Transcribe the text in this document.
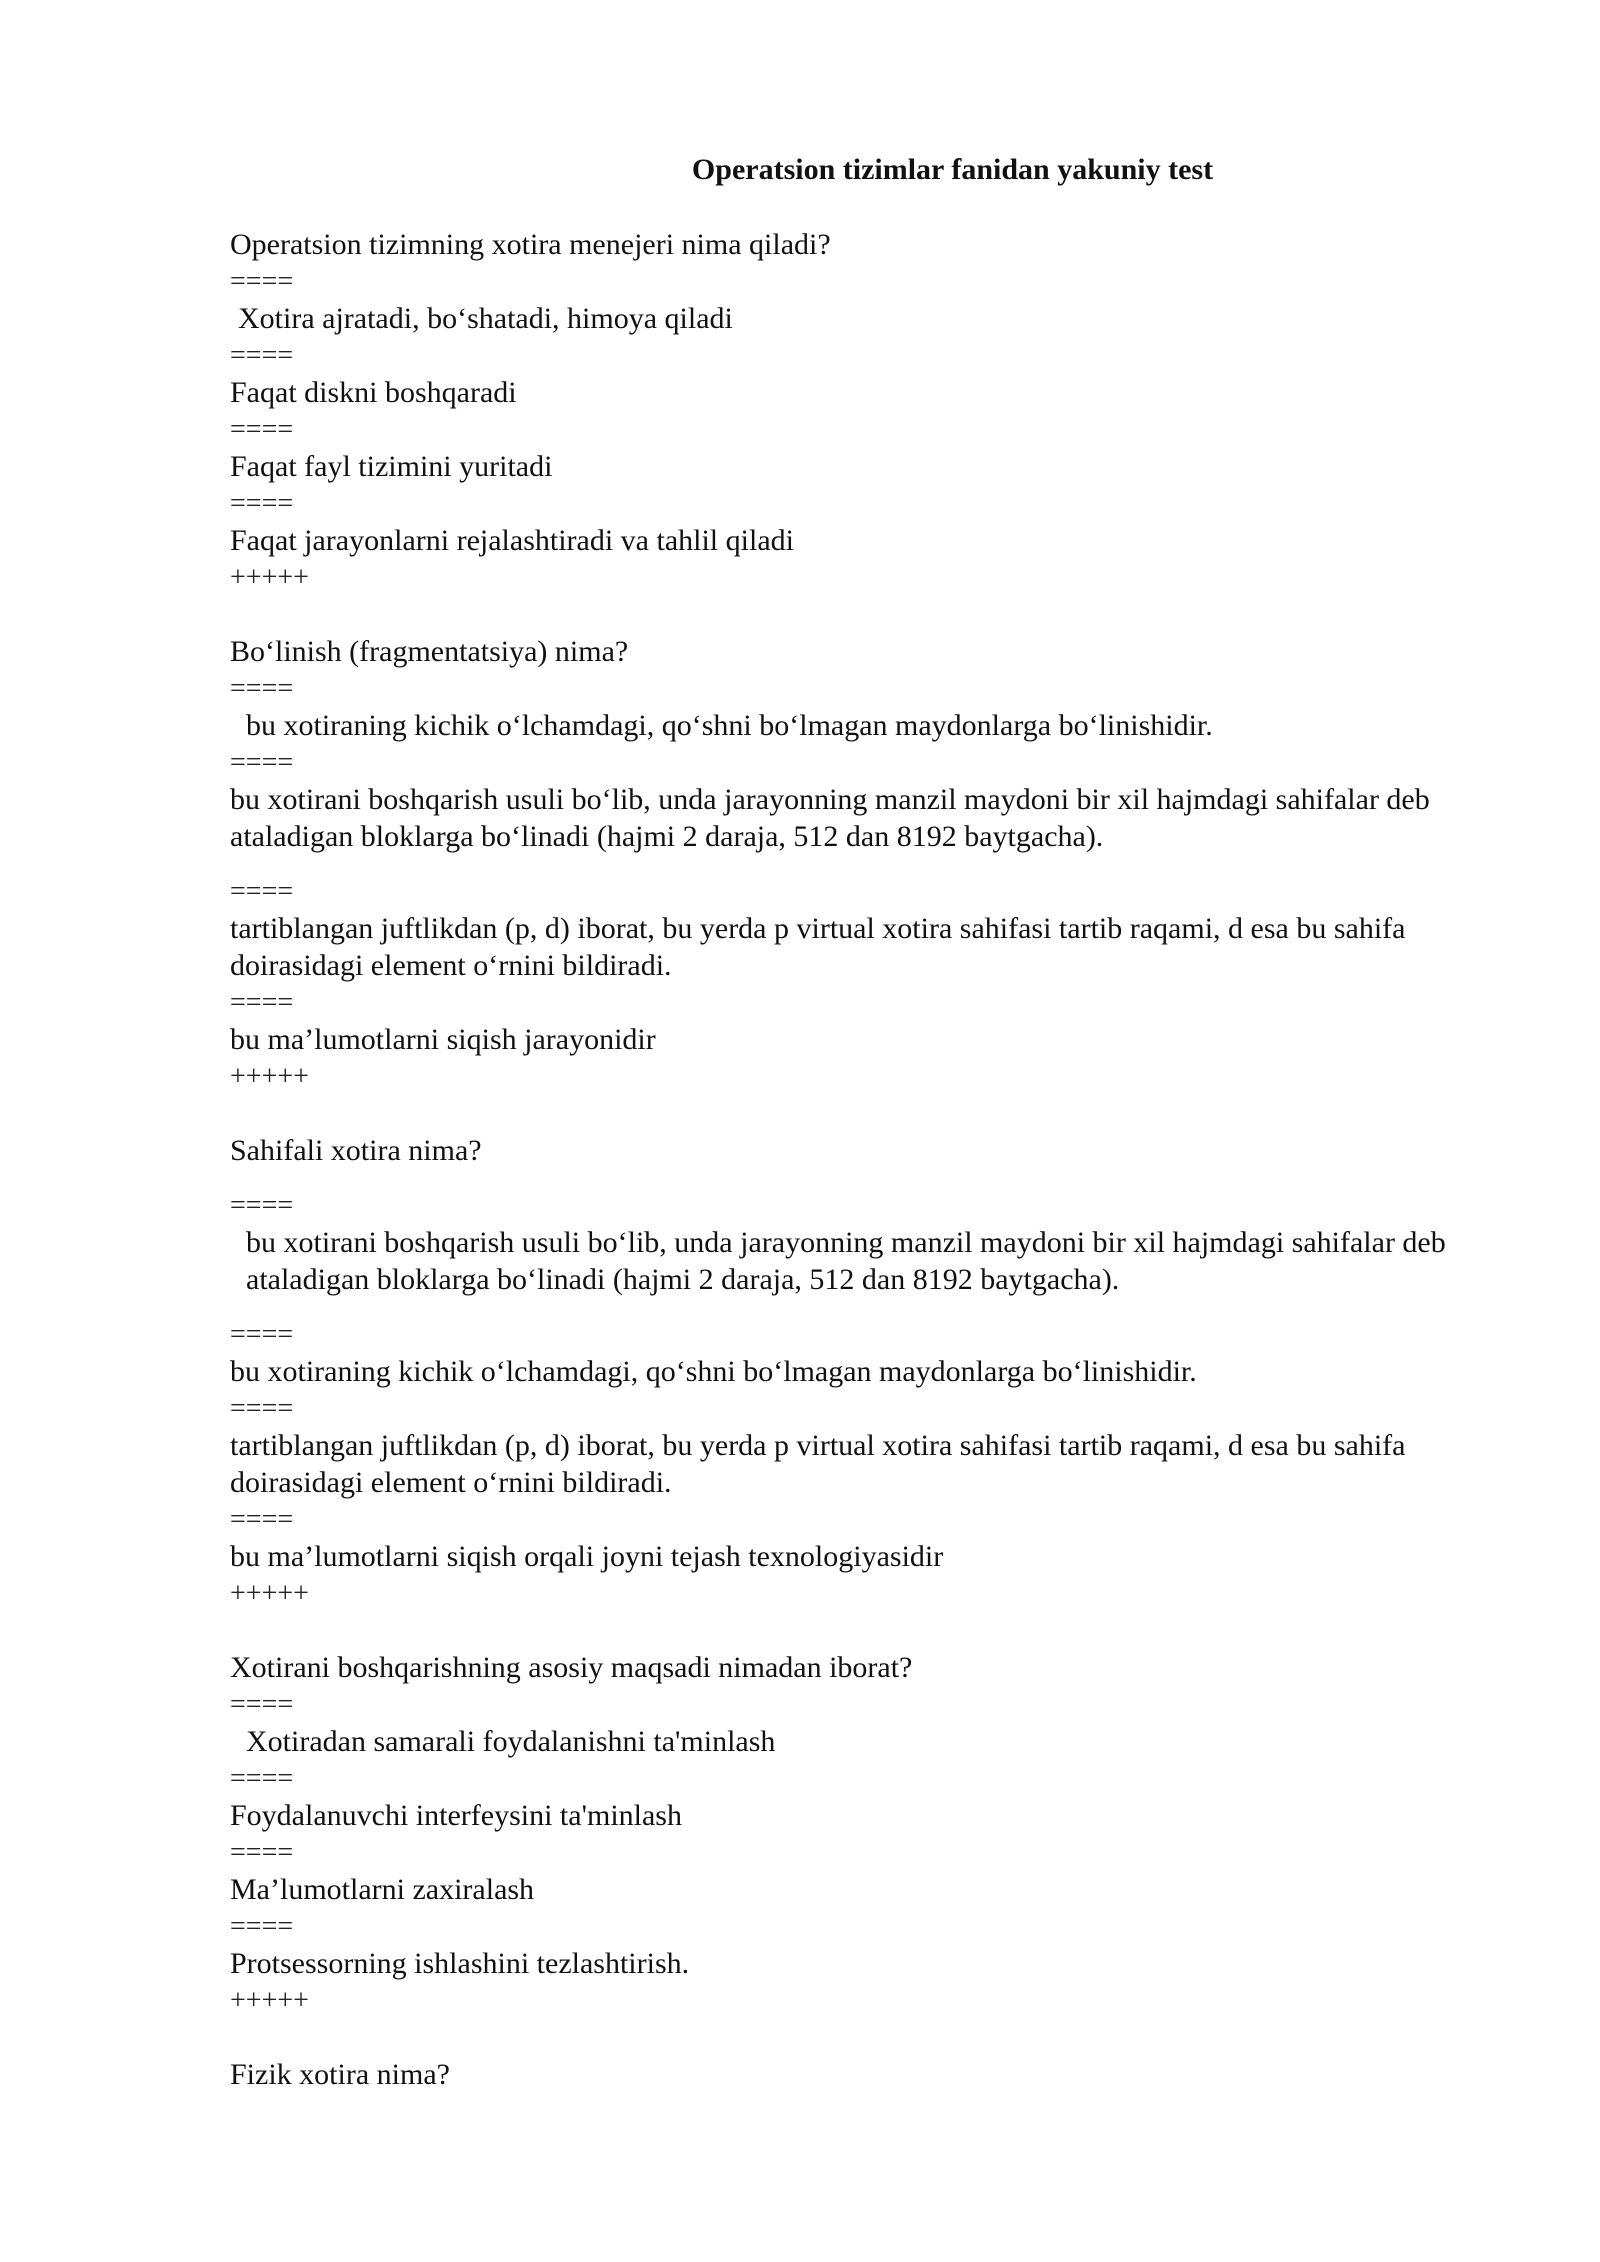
Operatsion tizimlar fanidan yakuniy test
Operatsion tizimning xotira menejeri nima qiladi?
====
Xotira ajratadi, bo‘shatadi, himoya qiladi
====
Faqat diskni boshqaradi
====
Faqat fayl tizimini yuritadi
====
Faqat jarayonlarni rejalashtiradi va tahlil qiladi
+++++
Bo‘linish (fragmentatsiya) nima?
====
bu xotiraning kichik o‘lchamdagi, qo‘shni bo‘lmagan maydonlarga bo‘linishidir.
====
bu xotirani boshqarish usuli bo‘lib, unda jarayonning manzil maydoni bir xil hajmdagi sahifalar deb ataladigan bloklarga bo‘linadi (hajmi 2 daraja, 512 dan 8192 baytgacha).
====
tartiblangan juftlikdan (p, d) iborat, bu yerda p virtual xotira sahifasi tartib raqami, d esa bu sahifa doirasidagi element o‘rnini bildiradi.
====
bu ma’lumotlarni siqish jarayonidir
+++++
Sahifali xotira nima?
====
bu xotirani boshqarish usuli bo‘lib, unda jarayonning manzil maydoni bir xil hajmdagi sahifalar deb ataladigan bloklarga bo‘linadi (hajmi 2 daraja, 512 dan 8192 baytgacha).
====
bu xotiraning kichik o‘lchamdagi, qo‘shni bo‘lmagan maydonlarga bo‘linishidir.
====
tartiblangan juftlikdan (p, d) iborat, bu yerda p virtual xotira sahifasi tartib raqami, d esa bu sahifa doirasidagi element o‘rnini bildiradi.
====
bu ma’lumotlarni siqish orqali joyni tejash texnologiyasidir
+++++
Xotirani boshqarishning asosiy maqsadi nimadan iborat?
====
Xotiradan samarali foydalanishni ta'minlash
====
Foydalanuvchi interfeysini ta'minlash
====
Ma’lumotlarni zaxiralash
====
Protsessorning ishlashini tezlashtirish.
+++++
Fizik xotira nima?
